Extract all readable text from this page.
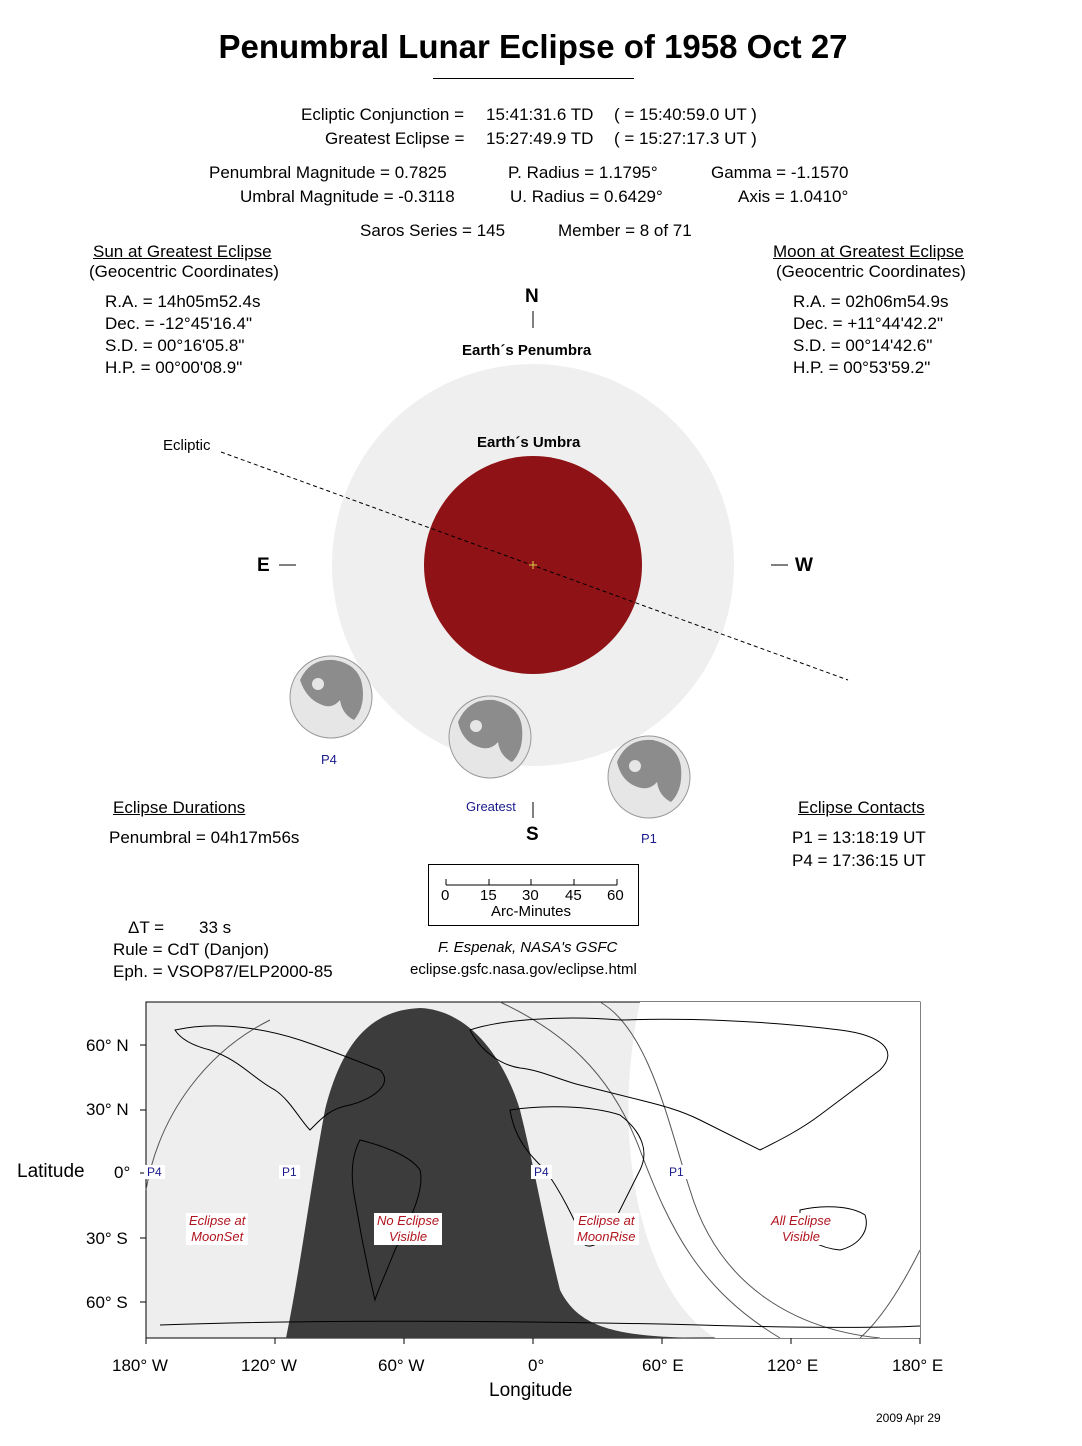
Penumbral Lunar Eclipse of 1958 Oct 27
Ecliptic Conjunction = 15:41:31.6 TD ( = 15:40:59.0 UT )
Greatest Eclipse = 15:27:49.9 TD ( = 15:27:17.3 UT )
Penumbral Magnitude = 0.7825
Umbral Magnitude = -0.3118
P. Radius = 1.1795°
U. Radius = 0.6429°
Gamma = -1.1570
Axis = 1.0410°
Saros Series = 145	Member = 8 of 71
Sun at Greatest Eclipse
(Geocentric Coordinates)
R.A. = 14h05m52.4s
Dec. = -12°45'16.4"
S.D. = 00°16'05.8"
H.P. = 00°00'08.9"
Moon at Greatest Eclipse
(Geocentric Coordinates)
R.A. = 02h06m54.9s
Dec. = +11°44'42.2"
S.D. = 00°14'42.6"
H.P. = 00°53'59.2"
N
S
E	W
Earth´s Penumbra
Earth´s Umbra
Ecliptic
P4
Greatest
P1
Eclipse Durations
Penumbral = 04h17m56s
Eclipse Contacts
P1 = 13:18:19 UT
P4 = 17:36:15 UT
0 15 30 45 60
Arc-Minutes
ΔT = 33 s
Rule = CdT (Danjon)
Eph. = VSOP87/ELP2000-85
F. Espenak, NASA's GSFC
eclipse.gsfc.nasa.gov/eclipse.html
Latitude
Longitude
60° N
30° N
0°
30° S
60° S
180° W	120° W	60° W	0°	60° E	120° E	180° E
P4	P1	P4	P1
Eclipse at
MoonSet
No Eclipse
Visible
Eclipse at
MoonRise
All Eclipse
Visible
2009 Apr 29
